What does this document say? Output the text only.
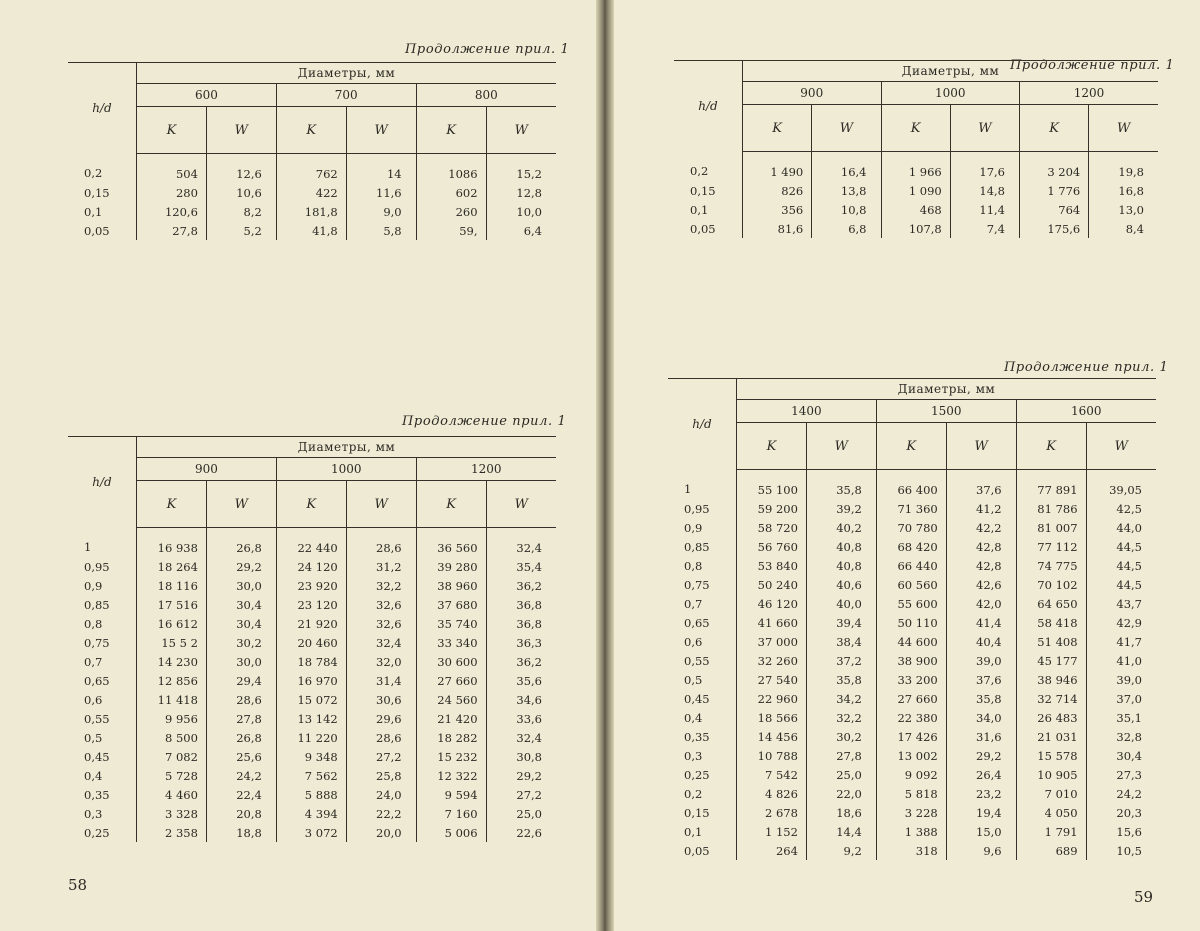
Продолжение прил. 1
h/d	Диаметры, мм					
	600		700		800	
	K	W	K	W	K	W
0,2	504	12,6	762	14	1086	15,2
0,15	280	10,6	422	11,6	602	12,8
0,1	120,6	8,2	181,8	9,0	260	10,0
0,05	27,8	5,2	41,8	5,8	59,	6,4
Продолжение прил. 1
h/d	Диаметры, мм					
	900		1000		1200	
	K	W	K	W	K	W
1	16 938	26,8	22 440	28,6	36 560	32,4
0,95	18 264	29,2	24 120	31,2	39 280	35,4
0,9	18 116	30,0	23 920	32,2	38 960	36,2
0,85	17 516	30,4	23 120	32,6	37 680	36,8
0,8	16 612	30,4	21 920	32,6	35 740	36,8
0,75	15 5 2	30,2	20 460	32,4	33 340	36,3
0,7	14 230	30,0	18 784	32,0	30 600	36,2
0,65	12 856	29,4	16 970	31,4	27 660	35,6
0,6	11 418	28,6	15 072	30,6	24 560	34,6
0,55	9 956	27,8	13 142	29,6	21 420	33,6
0,5	8 500	26,8	11 220	28,6	18 282	32,4
0,45	7 082	25,6	9 348	27,2	15 232	30,8
0,4	5 728	24,2	7 562	25,8	12 322	29,2
0,35	4 460	22,4	5 888	24,0	9 594	27,2
0,3	3 328	20,8	4 394	22,2	7 160	25,0
0,25	2 358	18,8	3 072	20,0	5 006	22,6
58
Продолжение прил. 1
h/d	Диаметры, мм					
	900		1000		1200	
	K	W	K	W	K	W
0,2	1 490	16,4	1 966	17,6	3 204	19,8
0,15	826	13,8	1 090	14,8	1 776	16,8
0,1	356	10,8	468	11,4	764	13,0
0,05	81,6	6,8	107,8	7,4	175,6	8,4
Продолжение прил. 1
h/d	Диаметры, мм					
	1400		1500		1600	
	K	W	K	W	K	W
1	55 100	35,8	66 400	37,6	77 891	39,05
0,95	59 200	39,2	71 360	41,2	81 786	42,5
0,9	58 720	40,2	70 780	42,2	81 007	44,0
0,85	56 760	40,8	68 420	42,8	77 112	44,5
0,8	53 840	40,8	66 440	42,8	74 775	44,5
0,75	50 240	40,6	60 560	42,6	70 102	44,5
0,7	46 120	40,0	55 600	42,0	64 650	43,7
0,65	41 660	39,4	50 110	41,4	58 418	42,9
0,6	37 000	38,4	44 600	40,4	51 408	41,7
0,55	32 260	37,2	38 900	39,0	45 177	41,0
0,5	27 540	35,8	33 200	37,6	38 946	39,0
0,45	22 960	34,2	27 660	35,8	32 714	37,0
0,4	18 566	32,2	22 380	34,0	26 483	35,1
0,35	14 456	30,2	17 426	31,6	21 031	32,8
0,3	10 788	27,8	13 002	29,2	15 578	30,4
0,25	7 542	25,0	9 092	26,4	10 905	27,3
0,2	4 826	22,0	5 818	23,2	7 010	24,2
0,15	2 678	18,6	3 228	19,4	4 050	20,3
0,1	1 152	14,4	1 388	15,0	1 791	15,6
0,05	264	9,2	318	9,6	689	10,5
59
